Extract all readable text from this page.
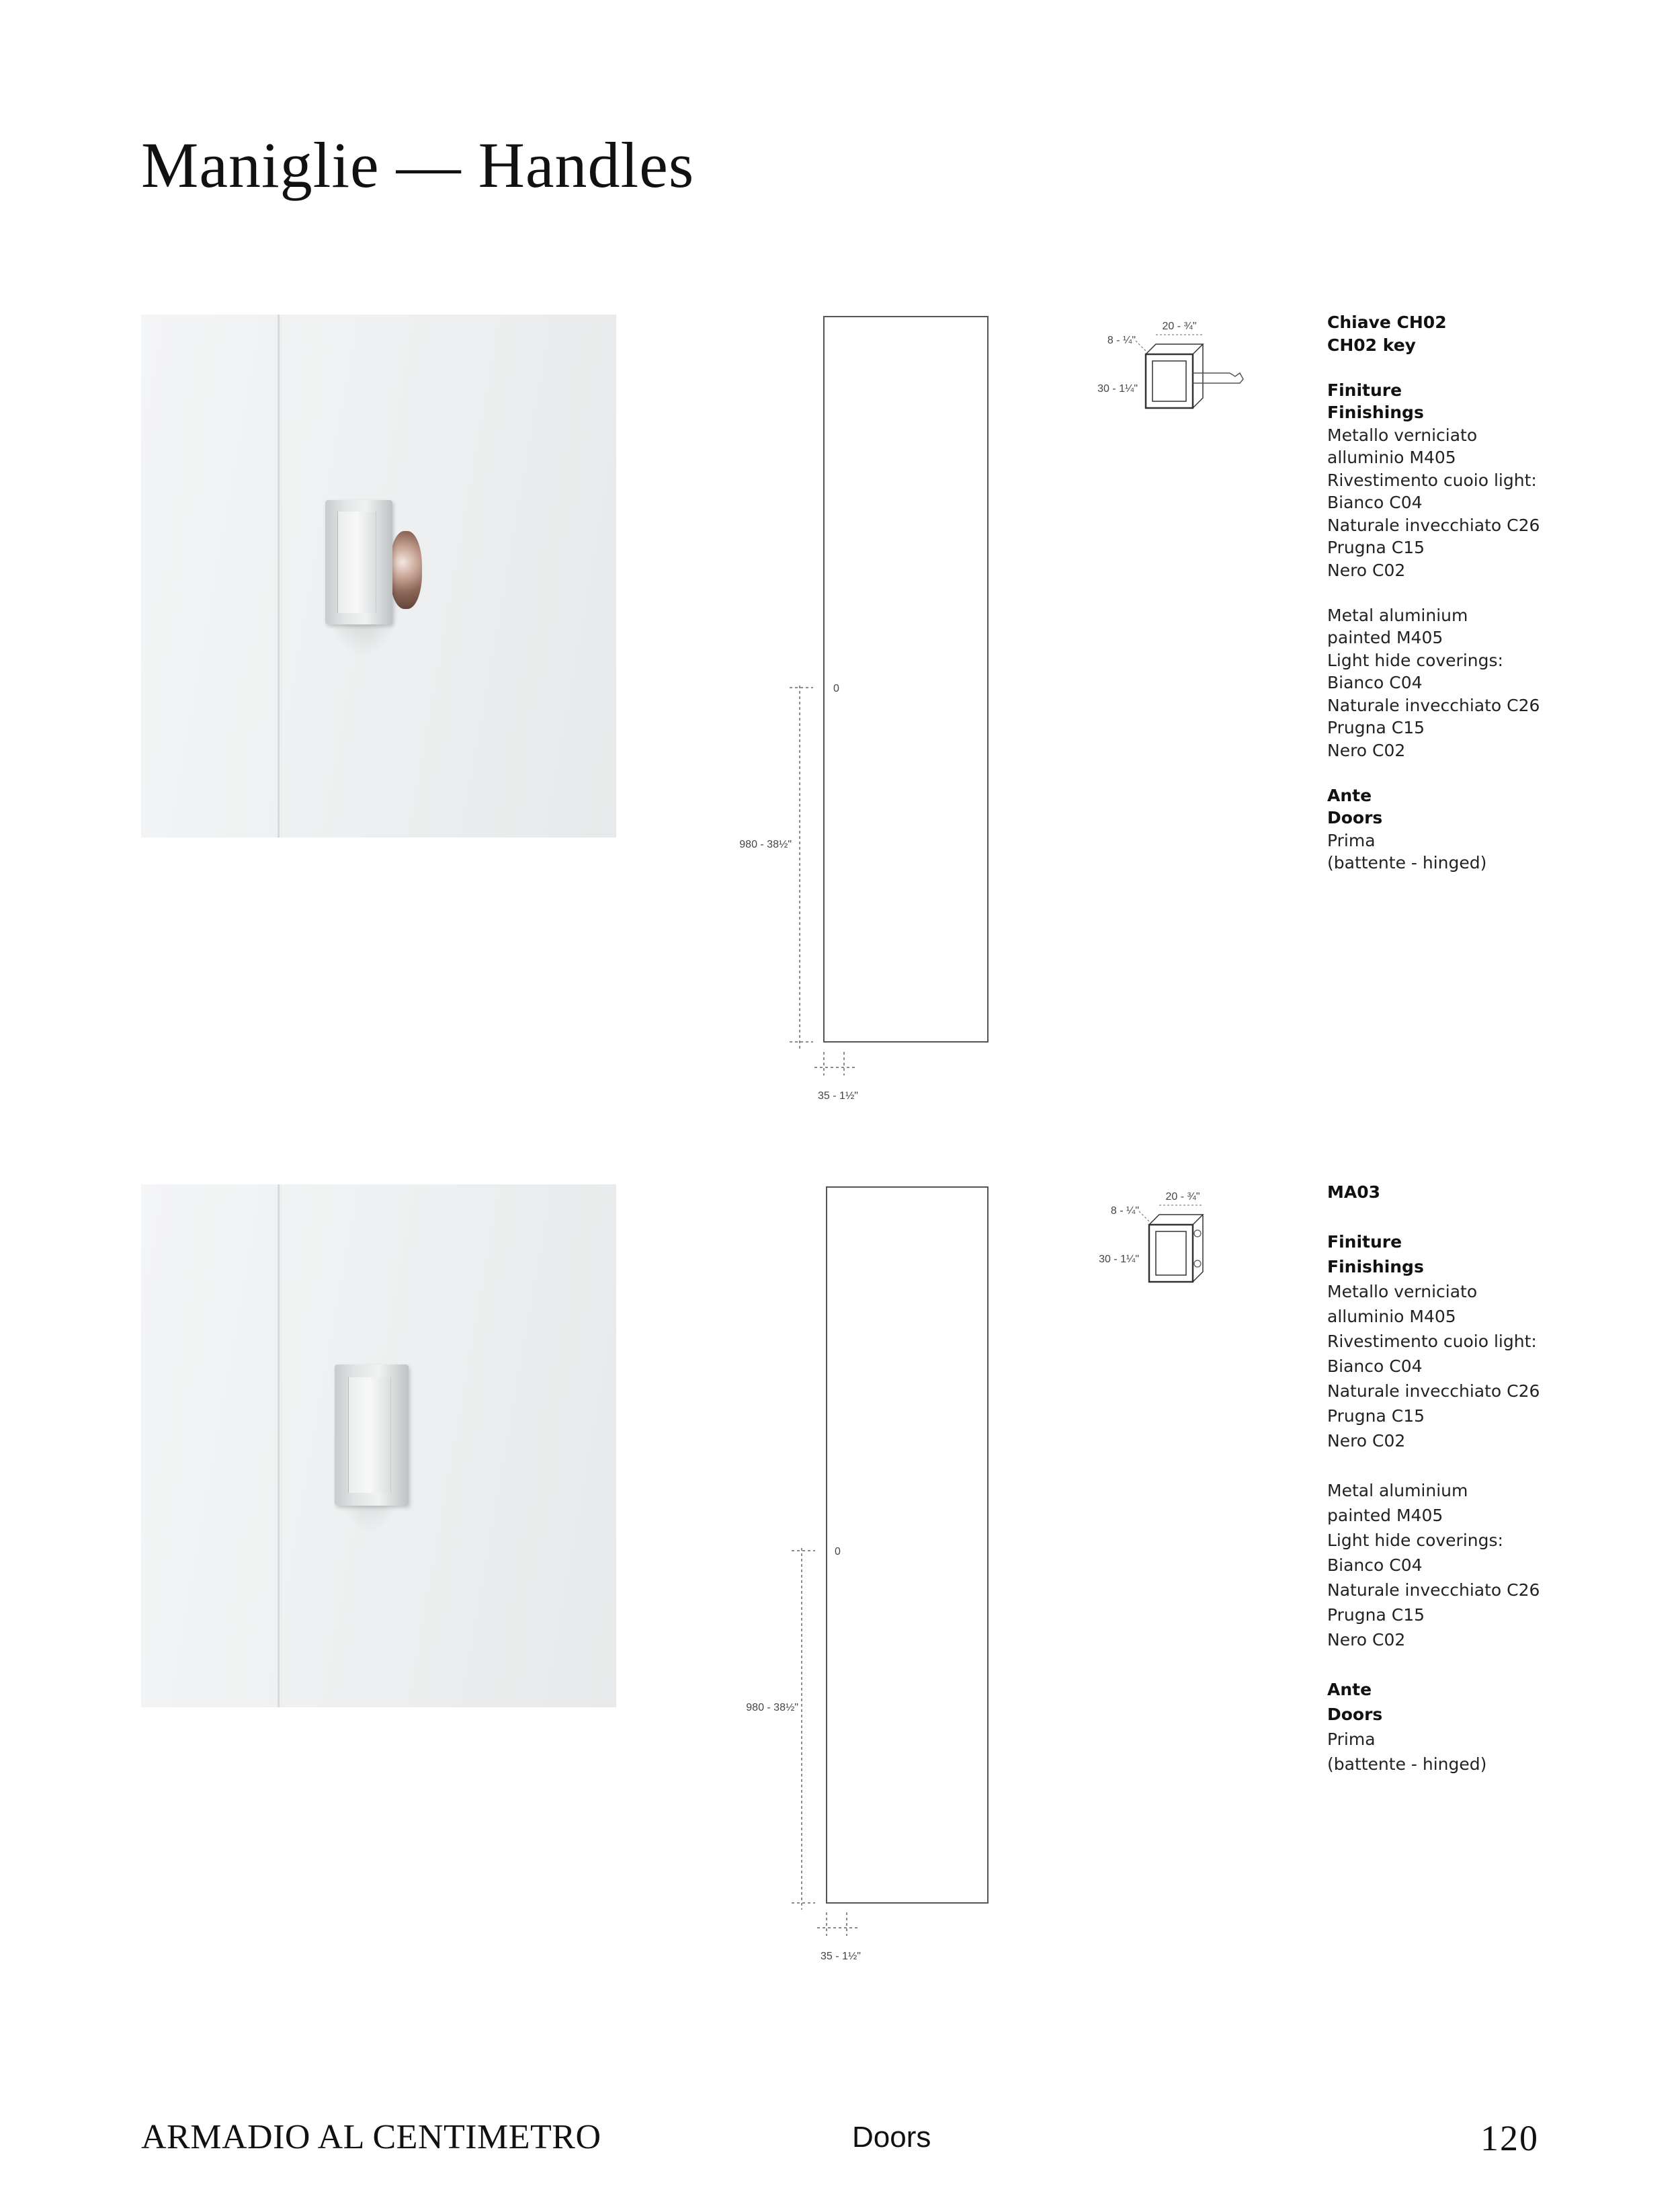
Maniglie — Handles
0
980 - 38½"
35 - 1½"
20 - ¾"
8 - ¼"
30 - 1¼"
Chiave CH02
CH02 key
Finiture
Finishings
Metallo verniciato
alluminio M405
Rivestimento cuoio light:
Bianco C04
Naturale invecchiato C26
Prugna C15
Nero C02
Metal aluminium
painted M405
Light hide coverings:
Bianco C04
Naturale invecchiato C26
Prugna C15
Nero C02
Ante
Doors
Prima
(battente - hinged)
0
980 - 38½"
35 - 1½"
20 - ¾"
8 - ¼"
30 - 1¼"
MA03
Finiture
Finishings
Metallo verniciato
alluminio M405
Rivestimento cuoio light:
Bianco C04
Naturale invecchiato C26
Prugna C15
Nero C02
Metal aluminium
painted M405
Light hide coverings:
Bianco C04
Naturale invecchiato C26
Prugna C15
Nero C02
Ante
Doors
Prima
(battente - hinged)
ARMADIO AL CENTIMETRO	Doors	120
